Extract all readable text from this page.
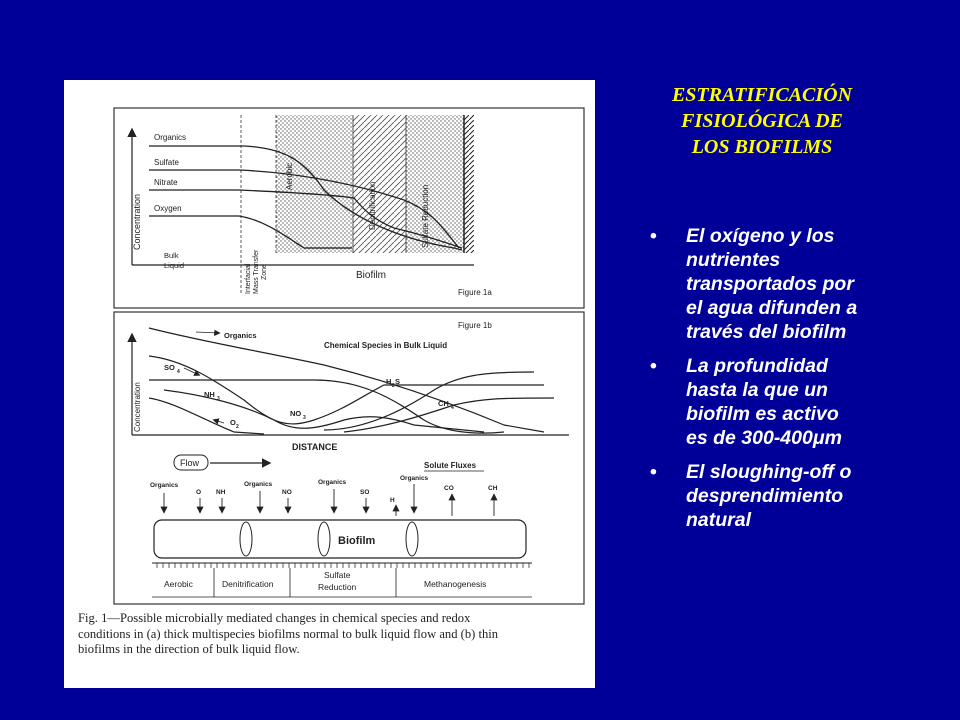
Organics
Sulfate
Nitrate
Oxygen
Aerobic
Denitrification	Sulfate Reduction
Concentration
Bulk
Liquid	Interfacial Mass Transfer Zone	Biofilm
Figure 1a
Figure 1b
Chemical Species in Bulk Liquid
Concentration
DISTANCE
Organics
SO 4
NH 3
O 2
NO 3
H 2 S
CH 4
Flow	Solute Fluxes
Organics
O NH
Organics
NO
Organics
SO
H
Organics
CO	CH
Biofilm
Aerobic	Denitrification
Sulfate
Reduction	Methanogenesis
Fig. 1—Possible microbially mediated changes in chemical species and redox
conditions in (a) thick multispecies biofilms normal to bulk liquid flow and (b) thin
biofilms in the direction of bulk liquid flow.
ESTRATIFICACIÓN
FISIOLÓGICA DE
LOS BIOFILMS
• El oxígeno y los
nutrientes
transportados por
el agua difunden a
través del biofilm
• La profundidad
hasta la que un
biofilm es activo
es de 300-400μm
• El sloughing-off o
desprendimiento
natural
